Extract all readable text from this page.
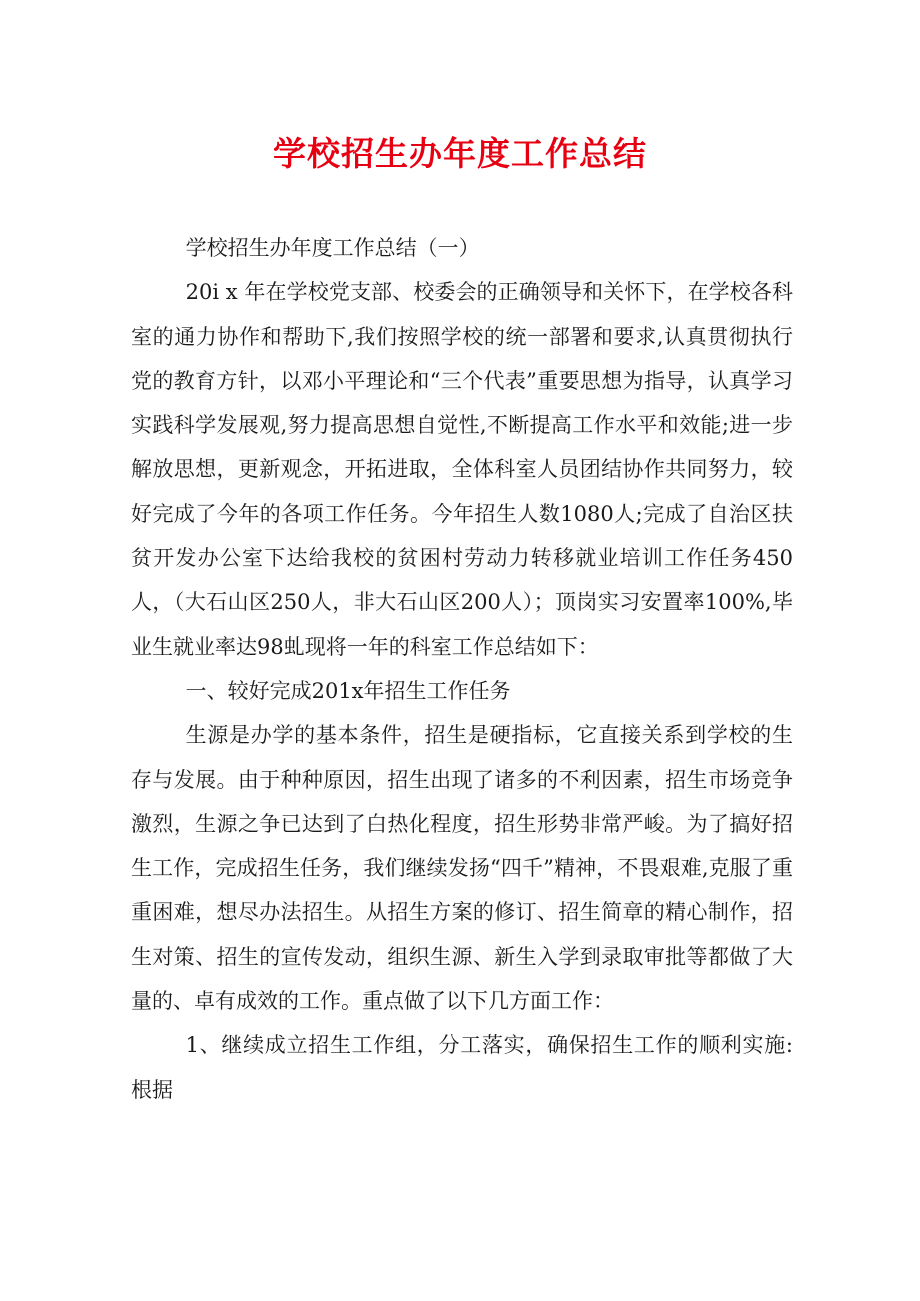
学校招生办年度工作总结

学校招生办年度工作总结（一）

20i x 年在学校党支部、校委会的正确领导和关怀下，在学校各科室的通力协作和帮助下,我们按照学校的统一部署和要求,认真贯彻执行党的教育方针，以邓小平理论和“三个代表”重要思想为指导，认真学习实践科学发展观,努力提高思想自觉性,不断提高工作水平和效能;进一步解放思想，更新观念，开拓进取，全体科室人员团结协作共同努力，较好完成了今年的各项工作任务。今年招生人数1080人;完成了自治区扶贫开发办公室下达给我校的贫困村劳动力转移就业培训工作任务450人，（大石山区250人，非大石山区200人）；顶岗实习安置率100%,毕业生就业率达98虬现将一年的科室工作总结如下：

一、较好完成201x年招生工作任务

生源是办学的基本条件，招生是硬指标，它直接关系到学校的生存与发展。由于种种原因，招生出现了诸多的不利因素，招生市场竞争激烈，生源之争已达到了白热化程度，招生形势非常严峻。为了搞好招生工作，完成招生任务，我们继续发扬“四千”精神，不畏艰难,克服了重重困难，想尽办法招生。从招生方案的修订、招生简章的精心制作，招生对策、招生的宣传发动，组织生源、新生入学到录取审批等都做了大量的、卓有成效的工作。重点做了以下几方面工作：

1、继续成立招生工作组，分工落实，确保招生工作的顺利实施:根据
